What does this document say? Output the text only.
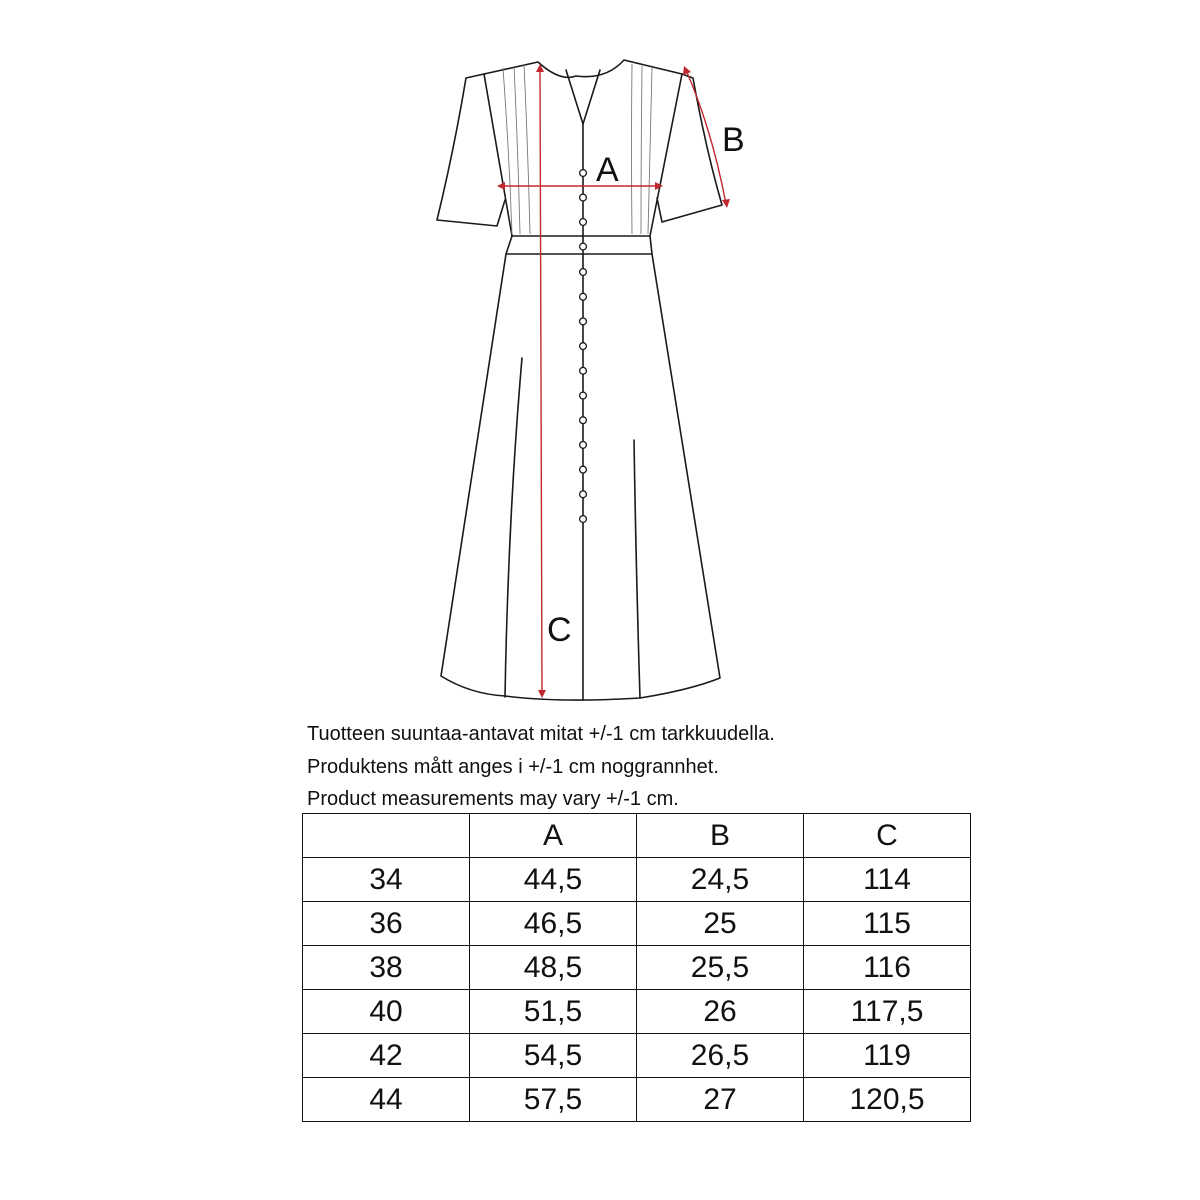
A
B
C
Tuotteen suuntaa-antavat mitat +/-1 cm tarkkuudella.
Produktens mått anges i +/-1 cm noggrannhet.
Product measurements may vary +/-1 cm.
	A	B	C
34	44,5	24,5	114
36	46,5	25	115
38	48,5	25,5	116
40	51,5	26	117,5
42	54,5	26,5	119
44	57,5	27	120,5
